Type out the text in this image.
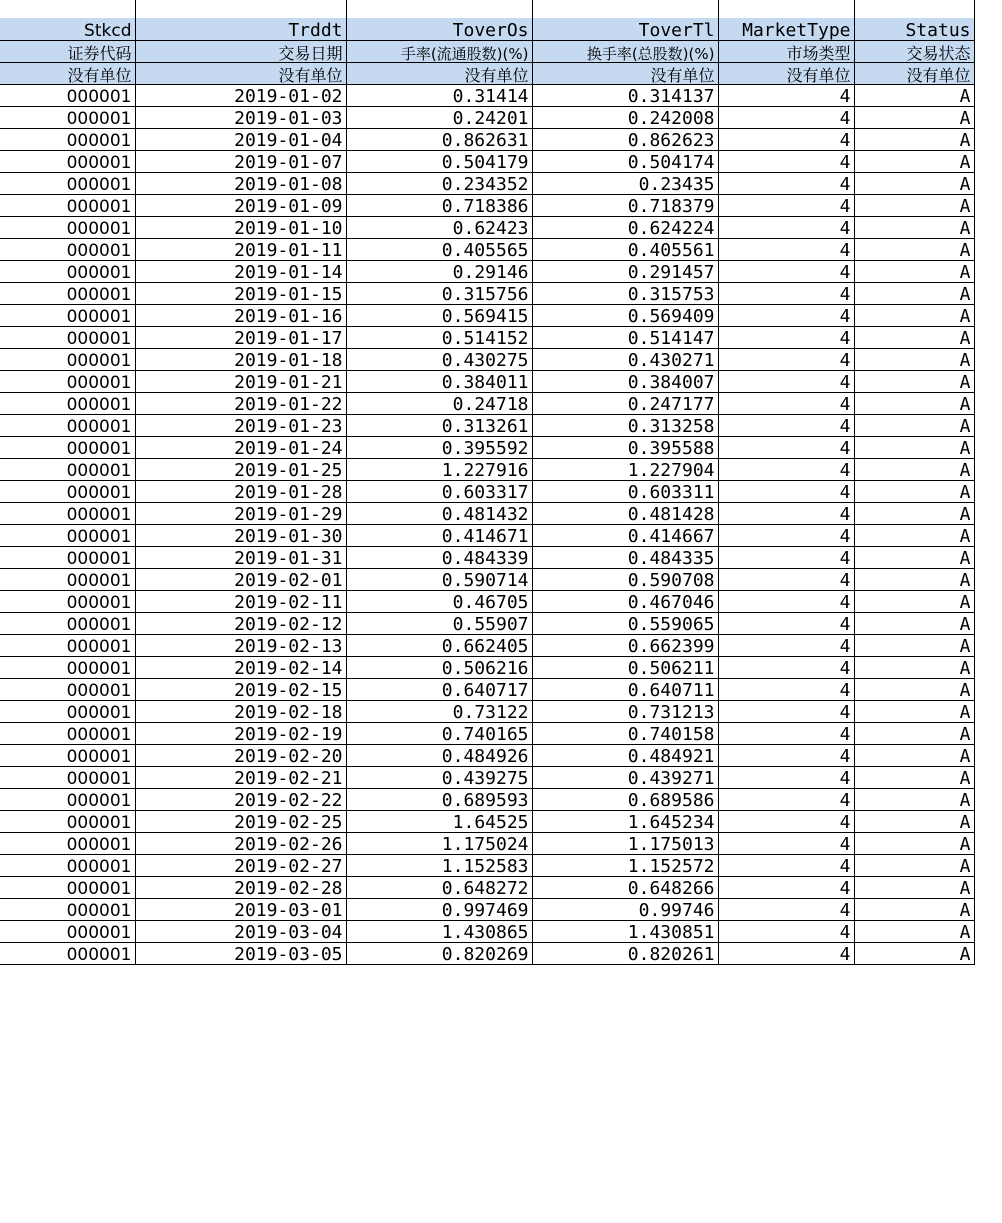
Stkcd	Trddt	ToverOs	ToverTl	MarketType	Status
证券代码	交易日期	手率(流通股数)(%)	换手率(总股数)(%)	市场类型	交易状态
没有单位	没有单位	没有单位	没有单位	没有单位	没有单位
000001	2019-01-02	0.31414	0.314137	4	A
000001	2019-01-03	0.24201	0.242008	4	A
000001	2019-01-04	0.862631	0.862623	4	A
000001	2019-01-07	0.504179	0.504174	4	A
000001	2019-01-08	0.234352	0.23435	4	A
000001	2019-01-09	0.718386	0.718379	4	A
000001	2019-01-10	0.62423	0.624224	4	A
000001	2019-01-11	0.405565	0.405561	4	A
000001	2019-01-14	0.29146	0.291457	4	A
000001	2019-01-15	0.315756	0.315753	4	A
000001	2019-01-16	0.569415	0.569409	4	A
000001	2019-01-17	0.514152	0.514147	4	A
000001	2019-01-18	0.430275	0.430271	4	A
000001	2019-01-21	0.384011	0.384007	4	A
000001	2019-01-22	0.24718	0.247177	4	A
000001	2019-01-23	0.313261	0.313258	4	A
000001	2019-01-24	0.395592	0.395588	4	A
000001	2019-01-25	1.227916	1.227904	4	A
000001	2019-01-28	0.603317	0.603311	4	A
000001	2019-01-29	0.481432	0.481428	4	A
000001	2019-01-30	0.414671	0.414667	4	A
000001	2019-01-31	0.484339	0.484335	4	A
000001	2019-02-01	0.590714	0.590708	4	A
000001	2019-02-11	0.46705	0.467046	4	A
000001	2019-02-12	0.55907	0.559065	4	A
000001	2019-02-13	0.662405	0.662399	4	A
000001	2019-02-14	0.506216	0.506211	4	A
000001	2019-02-15	0.640717	0.640711	4	A
000001	2019-02-18	0.73122	0.731213	4	A
000001	2019-02-19	0.740165	0.740158	4	A
000001	2019-02-20	0.484926	0.484921	4	A
000001	2019-02-21	0.439275	0.439271	4	A
000001	2019-02-22	0.689593	0.689586	4	A
000001	2019-02-25	1.64525	1.645234	4	A
000001	2019-02-26	1.175024	1.175013	4	A
000001	2019-02-27	1.152583	1.152572	4	A
000001	2019-02-28	0.648272	0.648266	4	A
000001	2019-03-01	0.997469	0.99746	4	A
000001	2019-03-04	1.430865	1.430851	4	A
000001	2019-03-05	0.820269	0.820261	4	A
